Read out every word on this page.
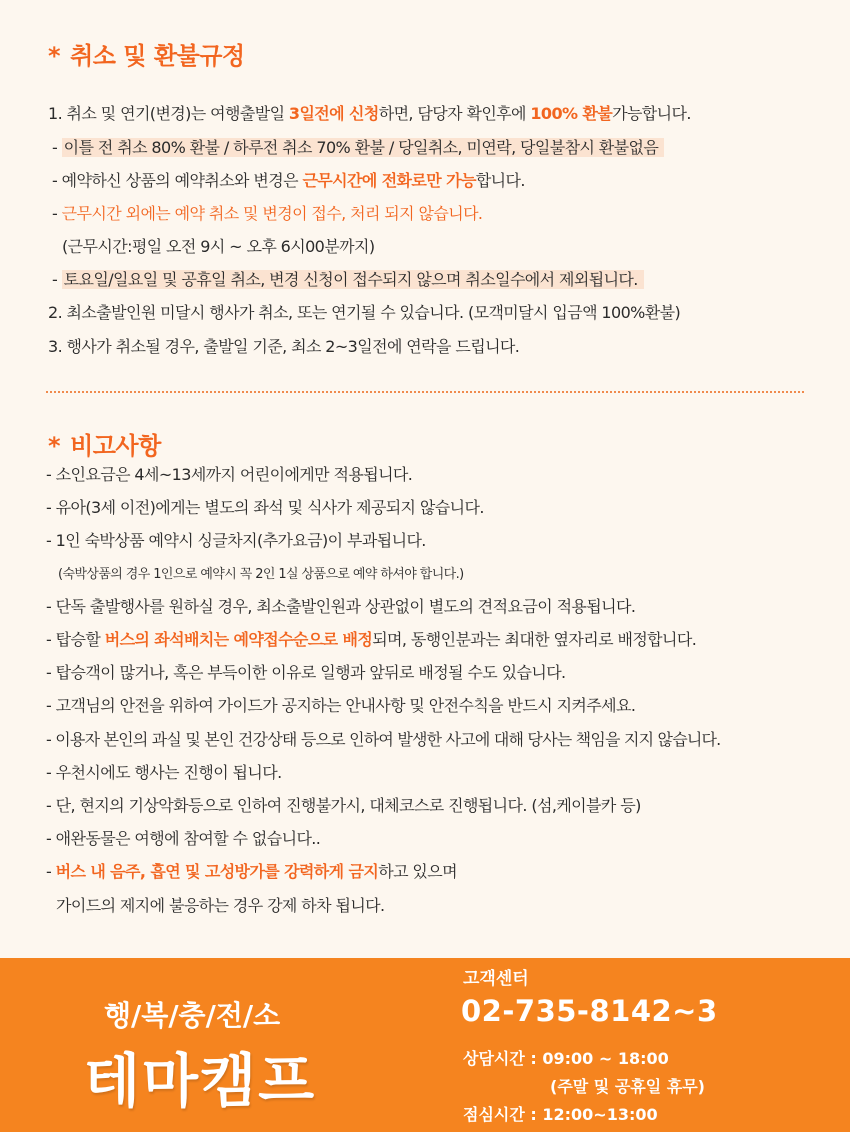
* 취소 및 환불규정
1. 취소 및 연기(변경)는 여행출발일 3일전에 신청하면, 담당자 확인후에 100% 환불가능합니다.
- 이틀 전 취소 80% 환불 / 하루전 취소 70% 환불 / 당일취소, 미연락, 당일불참시 환불없음
- 예약하신 상품의 예약취소와 변경은 근무시간에 전화로만 가능합니다.
- 근무시간 외에는 예약 취소 및 변경이 접수, 처리 되지 않습니다.
(근무시간:평일 오전 9시 ~ 오후 6시00분까지)
- 토요일/일요일 및 공휴일 취소, 변경 신청이 접수되지 않으며 취소일수에서 제외됩니다.
2. 최소출발인원 미달시 행사가 취소, 또는 연기될 수 있습니다. (모객미달시 입금액 100%환불)
3. 행사가 취소될 경우, 출발일 기준, 최소 2~3일전에 연락을 드립니다.
* 비고사항
- 소인요금은 4세~13세까지 어린이에게만 적용됩니다.
- 유아(3세 이전)에게는 별도의 좌석 및 식사가 제공되지 않습니다.
- 1인 숙박상품 예약시 싱글차지(추가요금)이 부과됩니다.
(숙박상품의 경우 1인으로 예약시 꼭 2인 1실 상품으로 예약 하셔야 합니다.)
- 단독 출발행사를 원하실 경우, 최소출발인원과 상관없이 별도의 견적요금이 적용됩니다.
- 탑승할 버스의 좌석배치는 예약접수순으로 배정되며, 동행인분과는 최대한 옆자리로 배정합니다.
- 탑승객이 많거나, 혹은 부득이한 이유로 일행과 앞뒤로 배정될 수도 있습니다.
- 고객님의 안전을 위하여 가이드가 공지하는 안내사항 및 안전수칙을 반드시 지켜주세요.
- 이용자 본인의 과실 및 본인 건강상태 등으로 인하여 발생한 사고에 대해 당사는 책임을 지지 않습니다.
- 우천시에도 행사는 진행이 됩니다.
- 단, 현지의 기상악화등으로 인하여 진행불가시, 대체코스로 진행됩니다. (섬,케이블카 등)
- 애완동물은 여행에 참여할 수 없습니다..
- 버스 내 음주, 흡연 및 고성방가를 강력하게 금지하고 있으며
가이드의 제지에 불응하는 경우 강제 하차 됩니다.
행/복/충/전/소
테마캠프
고객센터
02-735-8142~3
상담시간 : 09:00 ~ 18:00
(주말 및 공휴일 휴무)
점심시간 : 12:00~13:00
